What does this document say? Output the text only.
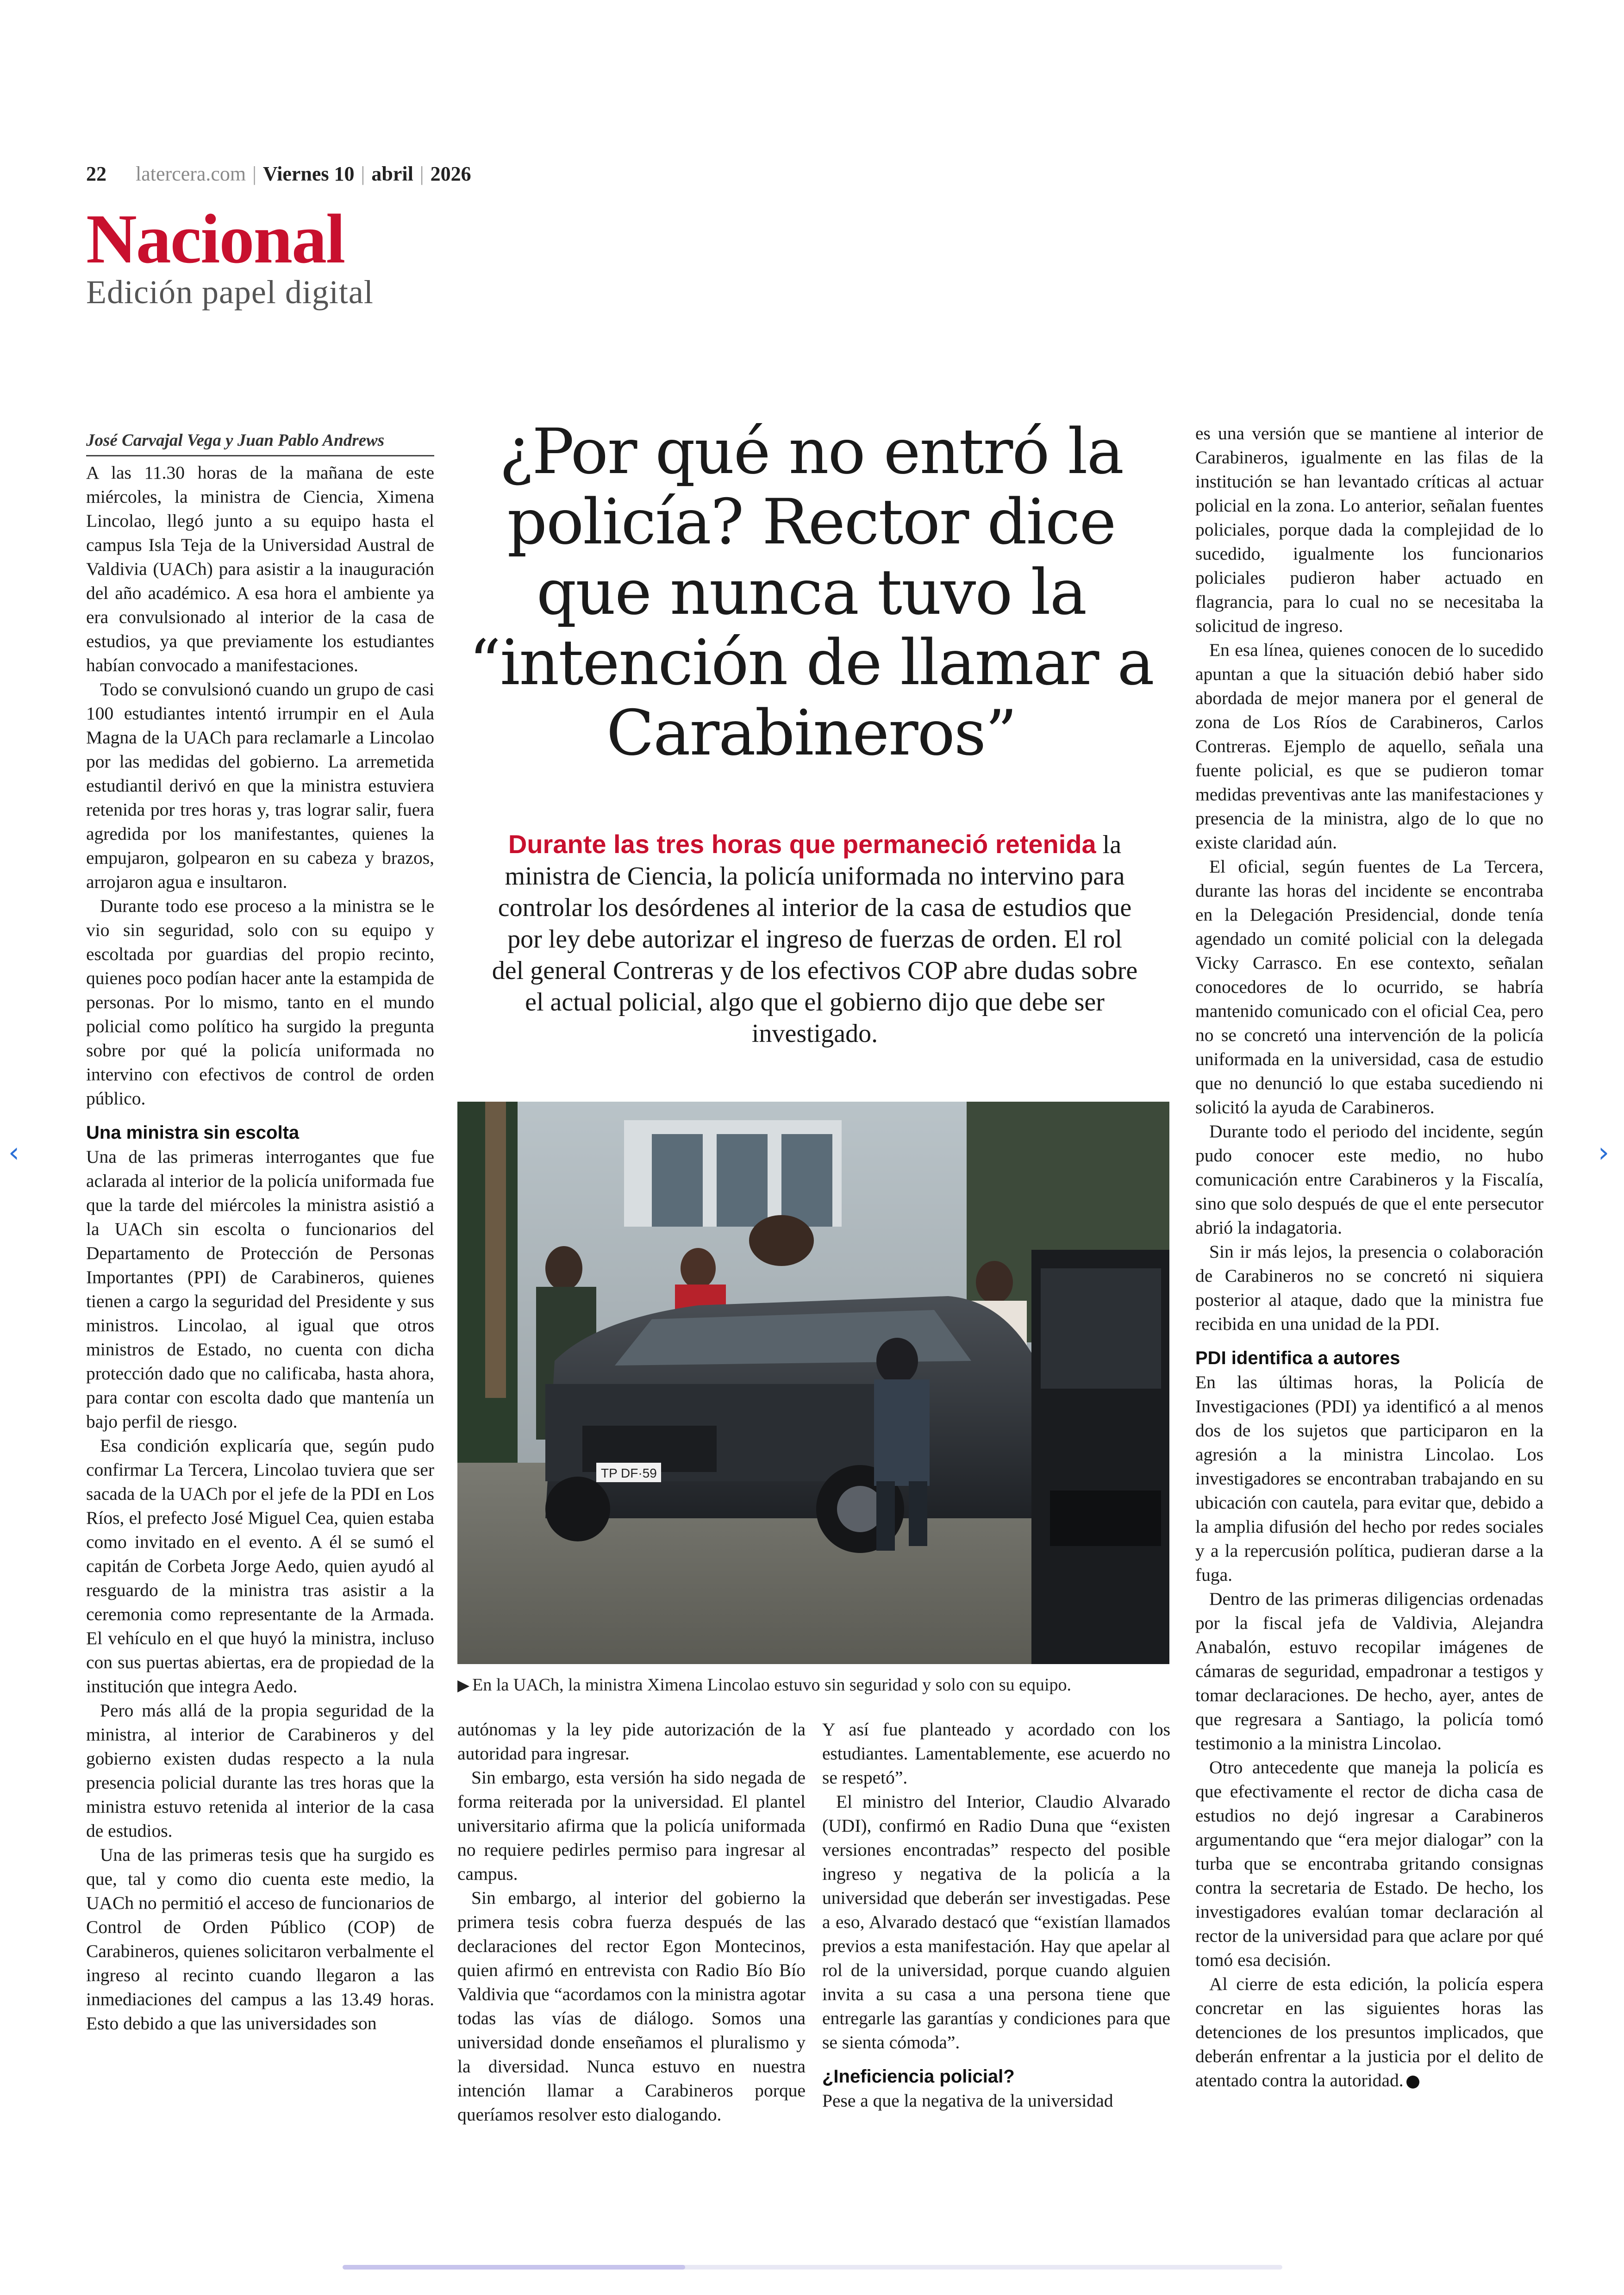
22 latercera.com | Viernes 10 | abril | 2026
Nacional
Edición papel digital
José Carvajal Vega y Juan Pablo Andrews

A las 11.30 horas de la mañana de este miércoles, la ministra de Ciencia, Ximena Lincolao, llegó junto a su equipo hasta el campus Isla Teja de la Universidad Austral de Valdivia (UACh) para asistir a la inauguración del año académico. A esa hora el ambiente ya era convulsionado al interior de la casa de estudios, ya que previamente los estudiantes habían convocado a manifestaciones.

Todo se convulsionó cuando un grupo de casi 100 estudiantes intentó irrumpir en el Aula Magna de la UACh para reclamarle a Lincolao por las medidas del gobierno. La arremetida estudiantil derivó en que la ministra estuviera retenida por tres horas y, tras lograr salir, fuera agredida por los manifestantes, quienes la empujaron, golpearon en su cabeza y brazos, arrojaron agua e insultaron.

Durante todo ese proceso a la ministra se le vio sin seguridad, solo con su equipo y escoltada por guardias del propio recinto, quienes poco podían hacer ante la estampida de personas. Por lo mismo, tanto en el mundo policial como político ha surgido la pregunta sobre por qué la policía uniformada no intervino con efectivos de control de orden público.

Una ministra sin escolta

Una de las primeras interrogantes que fue aclarada al interior de la policía uniformada fue que la tarde del miércoles la ministra asistió a la UACh sin escolta o funcionarios del Departamento de Protección de Personas Importantes (PPI) de Carabineros, quienes tienen a cargo la seguridad del Presidente y sus ministros. Lincolao, al igual que otros ministros de Estado, no cuenta con dicha protección dado que no calificaba, hasta ahora, para contar con escolta dado que mantenía un bajo perfil de riesgo.

Esa condición explicaría que, según pudo confirmar La Tercera, Lincolao tuviera que ser sacada de la UACh por el jefe de la PDI en Los Ríos, el prefecto José Miguel Cea, quien estaba como invitado en el evento. A él se sumó el capitán de Corbeta Jorge Aedo, quien ayudó al resguardo de la ministra tras asistir a la ceremonia como representante de la Armada. El vehículo en el que huyó la ministra, incluso con sus puertas abiertas, era de propiedad de la institución que integra Aedo.

Pero más allá de la propia seguridad de la ministra, al interior de Carabineros y del gobierno existen dudas respecto a la nula presencia policial durante las tres horas que la ministra estuvo retenida al interior de la casa de estudios.

Una de las primeras tesis que ha surgido es que, tal y como dio cuenta este medio, la UACh no permitió el acceso de funcionarios de Control de Orden Público (COP) de Carabineros, quienes solicitaron verbalmente el ingreso al recinto cuando llegaron a las inmediaciones del campus a las 13.49 horas. Esto debido a que las universidades son

¿Por qué no entró la policía? Rector dice que nunca tuvo la “intención de llamar a Carabineros”
Durante las tres horas que permaneció retenida la ministra de Ciencia, la policía uniformada no intervino para controlar los desórdenes al interior de la casa de estudios que por ley debe autorizar el ingreso de fuerzas de orden. El rol del general Contreras y de los efectivos COP abre dudas sobre el actual policial, algo que el gobierno dijo que debe ser investigado.
TP DF·59
▶ En la UACh, la ministra Ximena Lincolao estuvo sin seguridad y solo con su equipo.

autónomas y la ley pide autorización de la autoridad para ingresar.

Sin embargo, esta versión ha sido negada de forma reiterada por la universidad. El plantel universitario afirma que la policía uniformada no requiere pedirles permiso para ingresar al campus.

Sin embargo, al interior del gobierno la primera tesis cobra fuerza después de las declaraciones del rector Egon Montecinos, quien afirmó en entrevista con Radio Bío Bío Valdivia que “acordamos con la ministra agotar todas las vías de diálogo. Somos una universidad donde enseñamos el pluralismo y la diversidad. Nunca estuvo en nuestra intención llamar a Carabineros porque queríamos resolver esto dialogando.

Y así fue planteado y acordado con los estudiantes. Lamentablemente, ese acuerdo no se respetó”.

El ministro del Interior, Claudio Alvarado (UDI), confirmó en Radio Duna que “existen versiones encontradas” respecto del posible ingreso y negativa de la policía a la universidad que deberán ser investigadas. Pese a eso, Alvarado destacó que “existían llamados previos a esta manifestación. Hay que apelar al rol de la universidad, porque cuando alguien invita a su casa a una persona tiene que entregarle las garantías y condiciones para que se sienta cómoda”.

¿Ineficiencia policial?

Pese a que la negativa de la universidad

es una versión que se mantiene al interior de Carabineros, igualmente en las filas de la institución se han levantado críticas al actuar policial en la zona. Lo anterior, señalan fuentes policiales, porque dada la complejidad de lo sucedido, igualmente los funcionarios policiales pudieron haber actuado en flagrancia, para lo cual no se necesitaba la solicitud de ingreso.

En esa línea, quienes conocen de lo sucedido apuntan a que la situación debió haber sido abordada de mejor manera por el general de zona de Los Ríos de Carabineros, Carlos Contreras. Ejemplo de aquello, señala una fuente policial, es que se pudieron tomar medidas preventivas ante las manifestaciones y presencia de la ministra, algo de lo que no existe claridad aún.

El oficial, según fuentes de La Tercera, durante las horas del incidente se encontraba en la Delegación Presidencial, donde tenía agendado un comité policial con la delegada Vicky Carrasco. En ese contexto, señalan conocedores de lo ocurrido, se habría mantenido comunicado con el oficial Cea, pero no se concretó una intervención de la policía uniformada en la universidad, casa de estudio que no denunció lo que estaba sucediendo ni solicitó la ayuda de Carabineros.

Durante todo el periodo del incidente, según pudo conocer este medio, no hubo comunicación entre Carabineros y la Fiscalía, sino que solo después de que el ente persecutor abrió la indagatoria.

Sin ir más lejos, la presencia o colaboración de Carabineros no se concretó ni siquiera posterior al ataque, dado que la ministra fue recibida en una unidad de la PDI.

PDI identifica a autores

En las últimas horas, la Policía de Investigaciones (PDI) ya identificó a al menos dos de los sujetos que participaron en la agresión a la ministra Lincolao. Los investigadores se encontraban trabajando en su ubicación con cautela, para evitar que, debido a la amplia difusión del hecho por redes sociales y a la repercusión política, pudieran darse a la fuga.

Dentro de las primeras diligencias ordenadas por la fiscal jefa de Valdivia, Alejandra Anabalón, estuvo recopilar imágenes de cámaras de seguridad, empadronar a testigos y tomar declaraciones. De hecho, ayer, antes de que regresara a Santiago, la policía tomó testimonio a la ministra Lincolao.

Otro antecedente que maneja la policía es que efectivamente el rector de dicha casa de estudios no dejó ingresar a Carabineros argumentando que “era mejor dialogar” con la turba que se encontraba gritando consignas contra la secretaria de Estado. De hecho, los investigadores evalúan tomar declaración al rector de la universidad para que aclare por qué tomó esa decisión.

Al cierre de esta edición, la policía espera concretar en las siguientes horas las detenciones de los presuntos implicados, que deberán enfrentar a la justicia por el delito de atentado contra la autoridad.

‹	›
